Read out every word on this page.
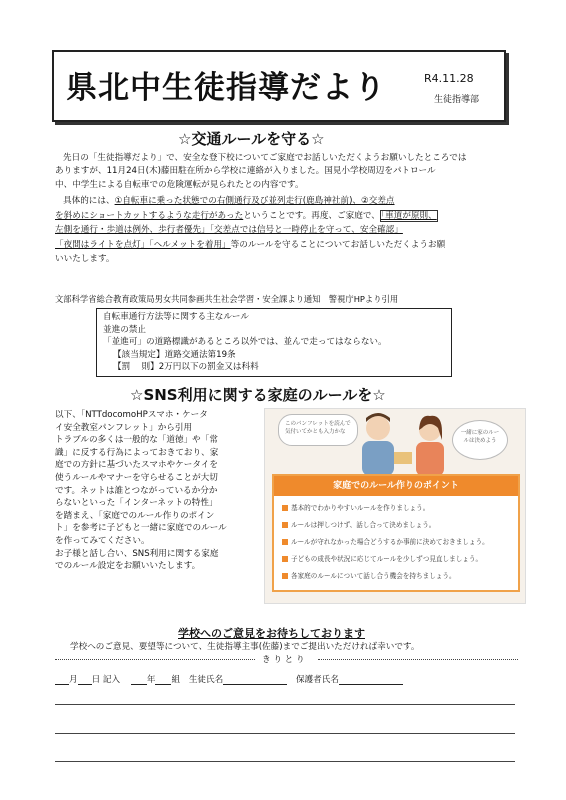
県北中生徒指導だより	R4.11.28
生徒指導部
☆交通ルールを守る☆
先日の「生徒指導だより」で、安全な登下校についてご家庭でお話しいただくようお願いしたところでは
ありますが、11月24日(木)藤田駐在所から学校に連絡が入りました。国見小学校周辺をパトロール
中、中学生による自転車での危険運転が見られたとの内容です。
具体的には、①自転車に乗った状態での右側通行及び並列走行(鹿島神社前)、②交差点
を斜めにショートカットするような走行があったということです。再度、ご家庭で、「車道が原則、
左側を通行・歩道は例外、歩行者優先」「交差点では信号と一時停止を守って、安全確認」
「夜間はライトを点灯」「ヘルメットを着用」等のルールを守ることについてお話しいただくようお願
いいたします。
文部科学省総合教育政策局男女共同参画共生社会学習・安全課より通知　警視庁HPより引用
自転車通行方法等に関する主なルール
並進の禁止
「並進可」の道路標識があるところ以外では、並んで走ってはならない。
【該当規定】道路交通法第19条
【罰　 則】2万円以下の罰金又は科料
☆SNS利用に関する家庭のルールを☆
以下、「NTTdocomoHPスマホ・ケータ
イ安全教室パンフレット」から引用
トラブルの多くは一般的な「道徳」や「常
識」に反する行為によっておきており、家
庭での方針に基づいたスマホやケータイを
使うルールやマナーを守らせることが大切
です。ネットは誰とつながっているか分か
らないといった「インターネットの特性」
を踏まえ、「家庭でのルール作りのポイン
ト」を参考に子どもと一緒に家庭でのルール
を作ってみてください。
お子様と話し合い、SNS利用に関する家庭
でのルール設定をお願いいたします。
このパンフレットを読んで気付いてかとも入力かな	一緒に家のルールは決めよう
家庭でのルール作りのポイント
基本的でわかりやすいルールを作りましょう。
ルールは押しつけず、話し合って決めましょう。
ルールが守れなかった場合どうするか事前に決めておきましょう。
子どもの成長や状況に応じてルールを少しずつ見直しましょう。
各家庭のルールについて話し合う機会を持ちましょう。
学校へのご意見をお待ちしております
学校へのご意見、要望等について、生徒指導主事(佐藤)までご提出いただければ幸いです。
き り と り
月 日 記入	年 組 生徒氏名	保護者氏名
